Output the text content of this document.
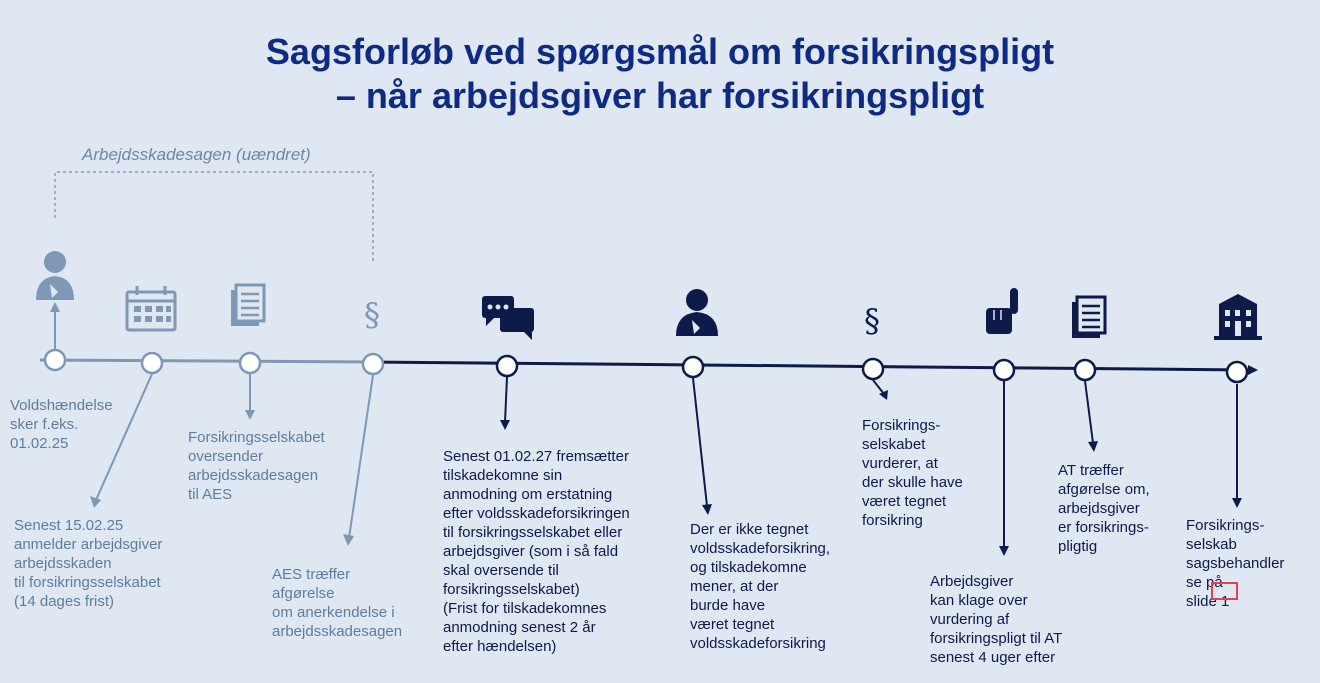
Sagsforløb ved spørgsmål om forsikringspligt
– når arbejdsgiver har forsikringspligt
Arbejdsskadesagen (uændret)
§	§
Voldshændelse
sker f.eks.
01.02.25
Senest 15.02.25
anmelder arbejdsgiver
arbejdsskaden
til forsikringsselskabet
(14 dages frist)
Forsikringsselskabet
oversender
arbejdsskadesagen
til AES
AES træffer
afgørelse
om anerkendelse i
arbejdsskadesagen
Senest 01.02.27 fremsætter
tilskadekomne sin
anmodning om erstatning
efter voldsskadeforsikringen
til forsikringsselskabet eller
arbejdsgiver (som i så fald
skal oversende til
forsikringsselskabet)
(Frist for tilskadekomnes
anmodning senest 2 år
efter hændelsen)
Der er ikke tegnet
voldsskadeforsikring,
og tilskadekomne
mener, at der
burde have
været tegnet
voldsskadeforsikring
Forsikrings-
selskabet
vurderer, at
der skulle have
været tegnet
forsikring
Arbejdsgiver
kan klage over
vurdering af
forsikringspligt til AT
senest 4 uger efter
AT træffer
afgørelse om,
arbejdsgiver
er forsikrings-
pligtig
Forsikrings-
selskab
sagsbehandler
se på
slide 1
